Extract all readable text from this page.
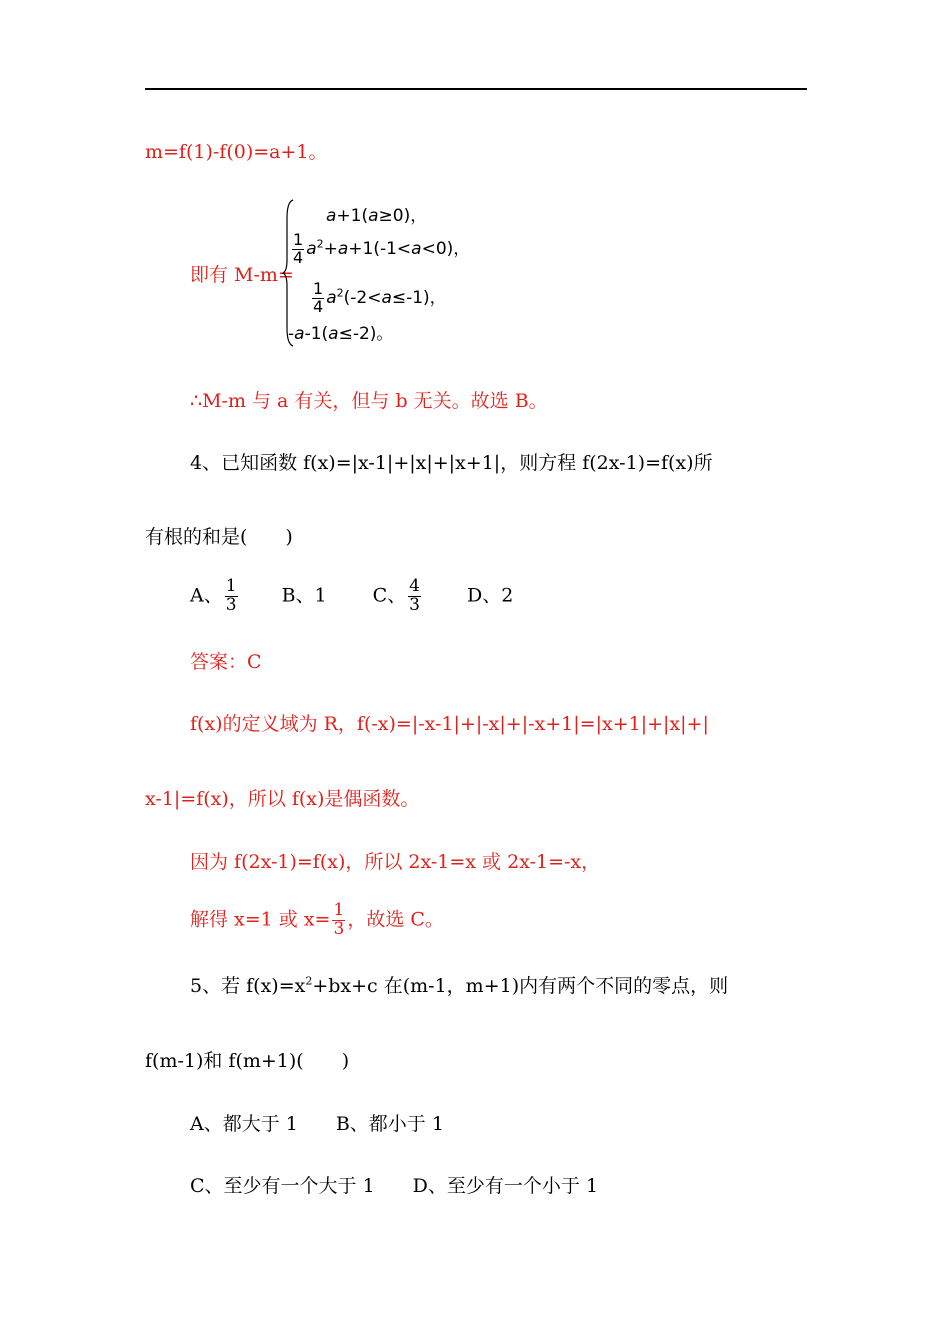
m=f(1)-f(0)=a+1。
即有 M-m=
a+1(a≥0)，
$\frac{1}{4} a^2+a+1(-1<a<0)$，
$\frac{1}{4} a^2(-2<a\le-1)$，
-a-1(a≤-2)。
∴M-m 与 a 有关，但与 b 无关。故选 B。
4、已知函数 f(x)=|x-1|+|x|+|x+1|，则方程 f(2x-1)=f(x)所
有根的和是(　　)
A、 $\frac{1}{3}$ B、1 C、 $\frac{4}{3}$ D、2
答案：C
f(x)的定义域为 R，f(-x)=|-x-1|+|-x|+|-x+1|=|x+1|+|x|+|
x-1|=f(x)，所以 f(x)是偶函数。
因为 f(2x-1)=f(x)，所以 2x-1=x 或 2x-1=-x，
解得 x=1 或 $x= \frac{1}{3}$ ，故选 C。
5、若 $f(x)=x^2+bx+c$ 在(m-1，m+1)内有两个不同的零点，则
f(m-1)和 f(m+1)(　　)
A、都大于 1　　B、都小于 1
C、至少有一个大于 1　　D、至少有一个小于 1
